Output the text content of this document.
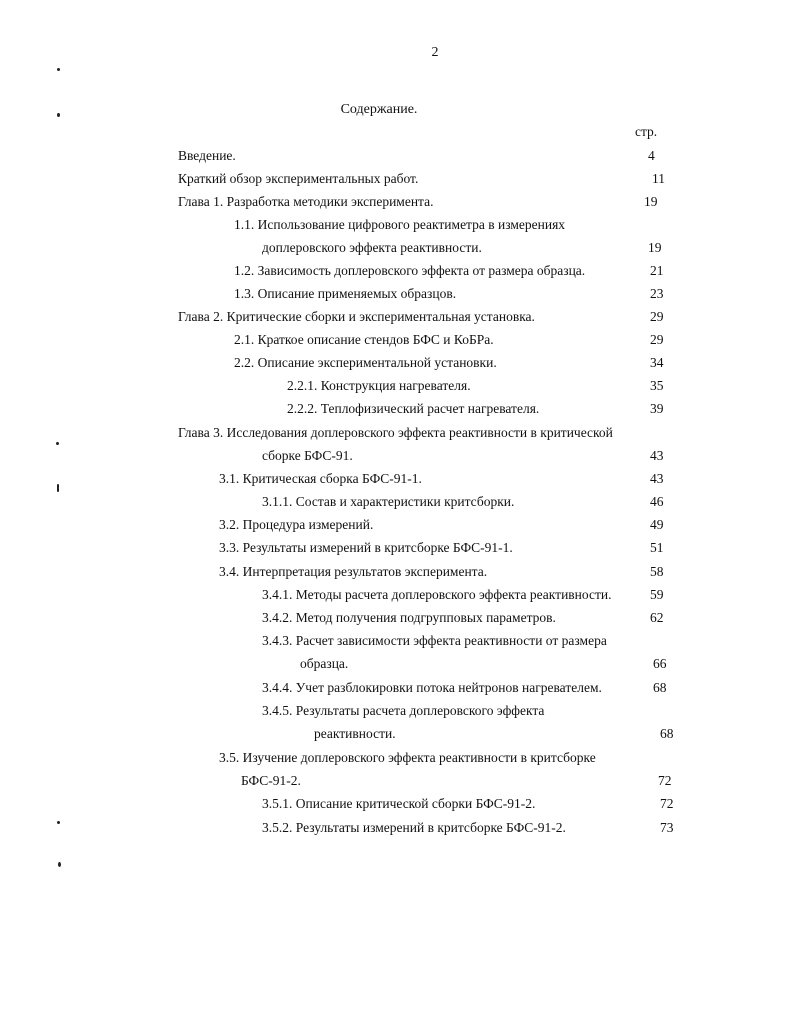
2
Содержание.
стр.
Введение.	4
Краткий обзор экспериментальных работ.	11
Глава 1. Разработка методики эксперимента.	19
1.1. Использование цифрового реактиметра в измерениях
доплеровского эффекта реактивности.	19
1.2. Зависимость доплеровского эффекта от размера образца.	21
1.3. Описание применяемых образцов.	23
Глава 2. Критические сборки и экспериментальная установка.	29
2.1. Краткое описание стендов БФС и КоБРа.	29
2.2. Описание экспериментальной установки.	34
2.2.1. Конструкция нагревателя.	35
2.2.2. Теплофизический расчет нагревателя.	39
Глава 3. Исследования доплеровского эффекта реактивности в критической
сборке БФС-91.	43
3.1. Критическая сборка БФС-91-1.	43
3.1.1. Состав и характеристики критсборки.	46
3.2. Процедура измерений.	49
3.3. Результаты измерений в критсборке БФС-91-1.	51
3.4. Интерпретация результатов эксперимента.	58
3.4.1. Методы расчета доплеровского эффекта реактивности.	59
3.4.2. Метод получения подгрупповых параметров.	62
3.4.3. Расчет зависимости эффекта реактивности от размера
образца.	66
3.4.4. Учет разблокировки потока нейтронов нагревателем.	68
3.4.5. Результаты расчета доплеровского эффекта
реактивности.	68
3.5. Изучение доплеровского эффекта реактивности в критсборке
БФС-91-2.	72
3.5.1. Описание критической сборки БФС-91-2.	72
3.5.2. Результаты измерений в критсборке БФС-91-2.	73
